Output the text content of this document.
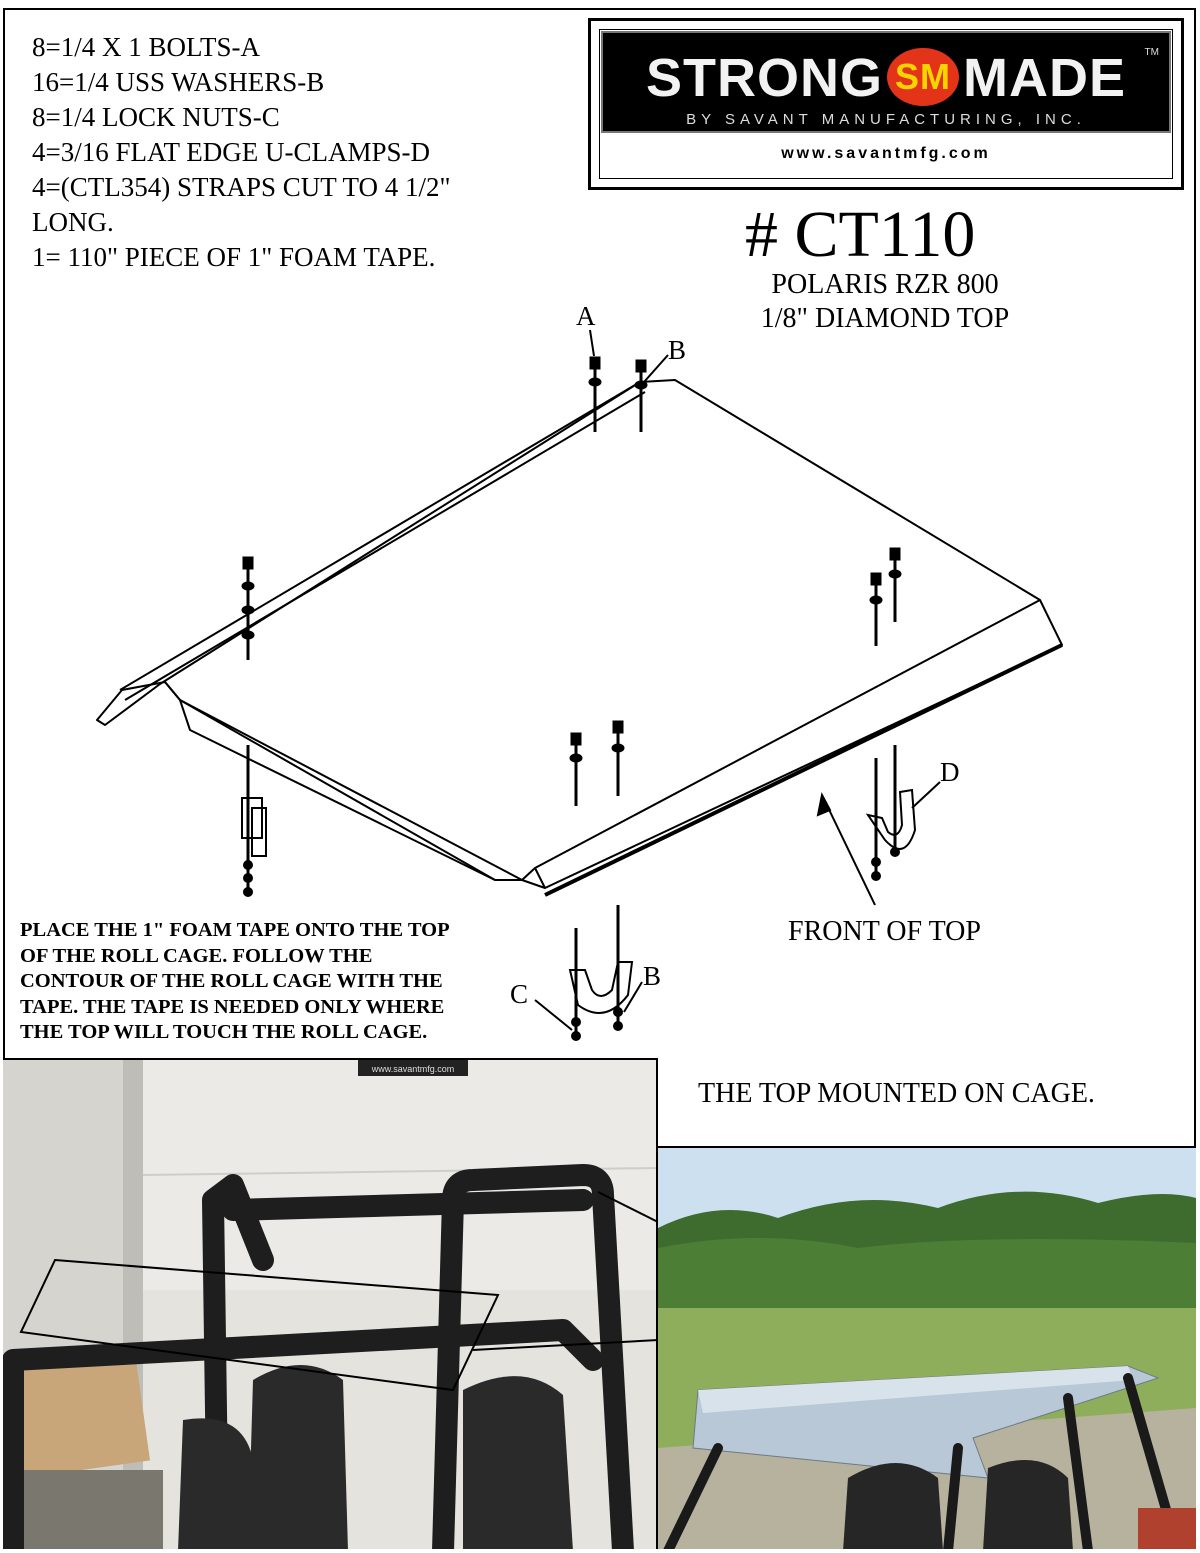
8=1/4 X 1 BOLTS-A
16=1/4 USS WASHERS-B
8=1/4 LOCK NUTS-C
4=3/16 FLAT EDGE U-CLAMPS-D
4=(CTL354) STRAPS CUT TO 4 1/2"
LONG.
1= 110" PIECE OF 1" FOAM TAPE.
STRONG SM MADE	TM
BY SAVANT MANUFACTURING, INC.
www.savantmfg.com
# CT110
POLARIS RZR 800
1/8" DIAMOND TOP
A
B
D
B
C
FRONT OF TOP
PLACE THE 1" FOAM TAPE ONTO THE TOP
OF THE ROLL CAGE. FOLLOW THE
CONTOUR OF THE ROLL CAGE WITH THE
TAPE. THE TAPE IS NEEDED ONLY WHERE
THE TOP WILL TOUCH THE ROLL CAGE.
THE TOP MOUNTED ON CAGE.
www.savantmfg.com
